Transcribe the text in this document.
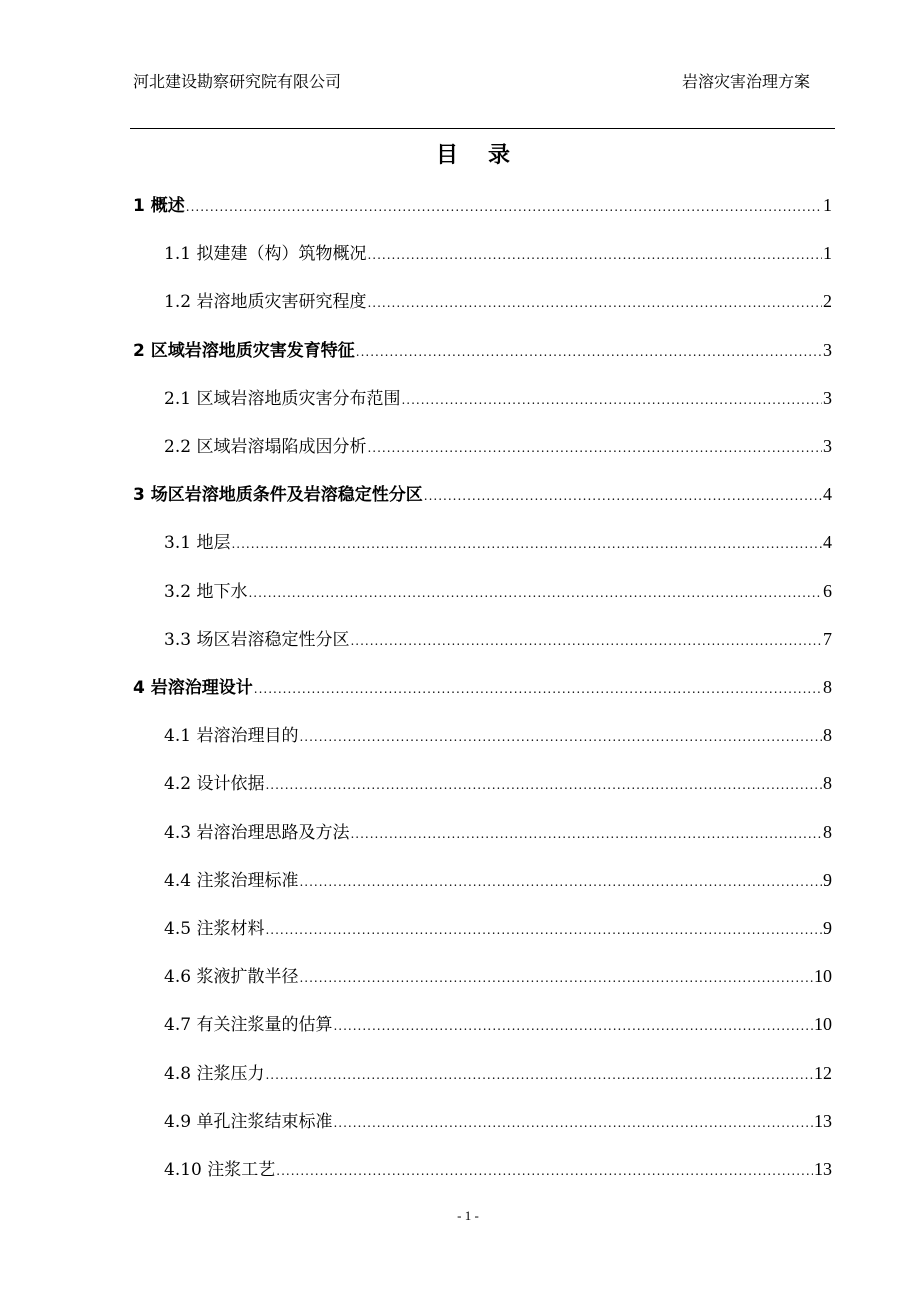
河北建设勘察研究院有限公司	岩溶灾害治理方案
目录
1 概述 .....	1
1.1 拟建建（构）筑物概况 .....	1
1.2 岩溶地质灾害研究程度 .....	2
2 区域岩溶地质灾害发育特征 .....	3
2.1 区域岩溶地质灾害分布范围 .....	3
2.2 区域岩溶塌陷成因分析 .....	3
3 场区岩溶地质条件及岩溶稳定性分区 .....	4
3.1 地层 .....	4
3.2 地下水 .....	6
3.3 场区岩溶稳定性分区 .....	7
4 岩溶治理设计 .....	8
4.1 岩溶治理目的 .....	8
4.2 设计依据 .....	8
4.3 岩溶治理思路及方法 .....	8
4.4 注浆治理标准 .....	9
4.5 注浆材料 .....	9
4.6 浆液扩散半径 .....	10
4.7 有关注浆量的估算 .....	10
4.8 注浆压力 .....	12
4.9 单孔注浆结束标准 .....	13
4.10 注浆工艺 .....	13
- 1 -
